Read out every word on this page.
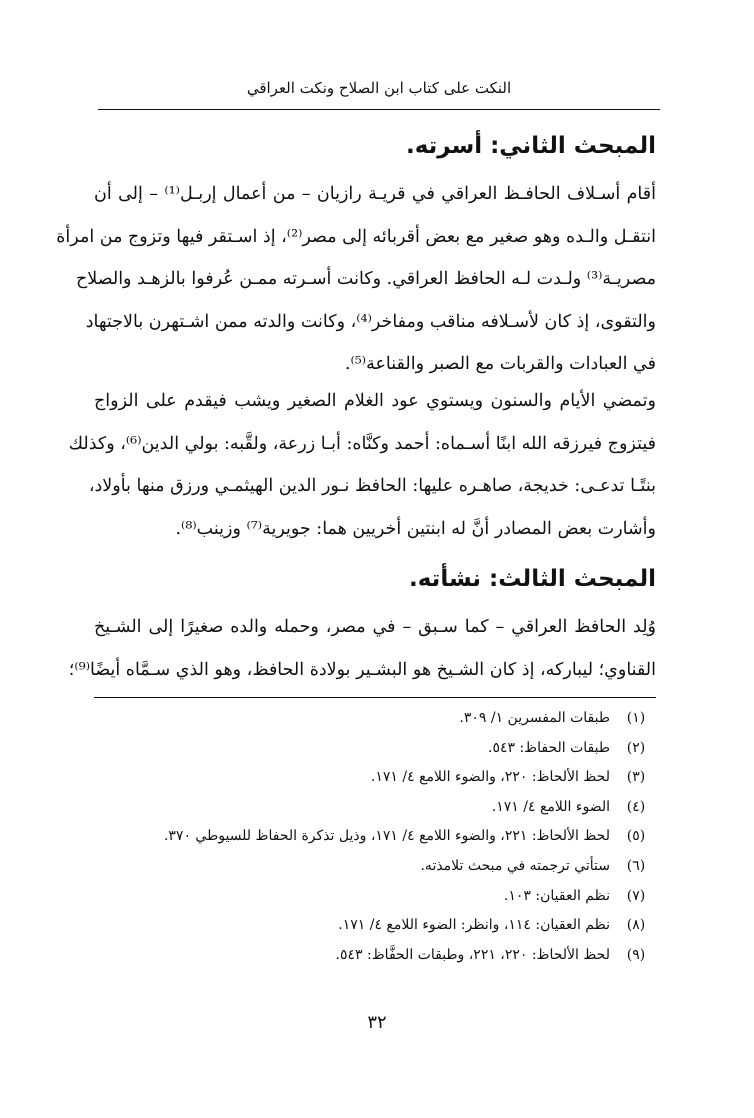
النكت على كتاب ابن الصلاح ونكت العراقي
المبحث الثاني: أسرته.
أقام أسـلاف الحافـظ العراقي في قريـة رازيان – من أعمال إربـل⁽¹⁾ – إلى أن
انتقـل والـده وهو صغير مع بعض أقربائه إلى مصر⁽²⁾، إذ اسـتقر فيها وتزوج من امرأة
مصريـة⁽³⁾ ولـدت لـه الحافظ العراقي. وكانت أسـرته ممـن عُرفوا بالزهـد والصلاح
والتقوى، إذ كان لأسـلافه مناقب ومفاخر⁽⁴⁾، وكانت والدته ممن اشـتهرن بالاجتهاد
في العبادات والقربات مع الصبر والقناعة⁽⁵⁾.
وتمضي الأيام والسنون ويستوي عود الغلام الصغير ويشب فيقدم على الزواج
فيتزوج فيرزقه الله ابنًا أسـماه: أحمد وكنَّاه: أبـا زرعة، ولقَّبه: بولي الدين⁽⁶⁾، وكذلك
بنتًـا تدعـى: خديجة، صاهـره عليها: الحافظ نـور الدين الهيثمـي ورزق منها بأولاد،
وأشارت بعض المصادر أنَّ له ابنتين أخريين هما: جويرية⁽⁷⁾ وزينب⁽⁸⁾.
المبحث الثالث: نشأته.
وُلِد الحافظ العراقي – كما سـبق – في مصر، وحمله والده صغيرًا إلى الشـيخ
القناوي؛ ليباركه، إذ كان الشـيخ هو البشـير بولادة الحافظ، وهو الذي سـمَّاه أيضًا⁽⁹⁾؛
(١)طبقات المفسرين ١/ ٣٠٩.
(٢)طبقات الحفاظ: ٥٤٣.
(٣)لحظ الألحاظ: ٢٢٠، والضوء اللامع ٤/ ١٧١.
(٤)الضوء اللامع ٤/ ١٧١.
(٥)لحظ الألحاظ: ٢٢١، والضوء اللامع ٤/ ١٧١، وذيل تذكرة الحفاظ للسيوطي ٣٧٠.
(٦)ستأتي ترجمته في مبحث تلامذته.
(٧)نظم العقيان: ١٠٣.
(٨)نظم العقيان: ١١٤، وانظر: الضوء اللامع ٤/ ١٧١.
(٩)لحظ الألحاظ: ٢٢٠، ٢٢١، وطبقات الحفَّاظ: ٥٤٣.
٣٢
